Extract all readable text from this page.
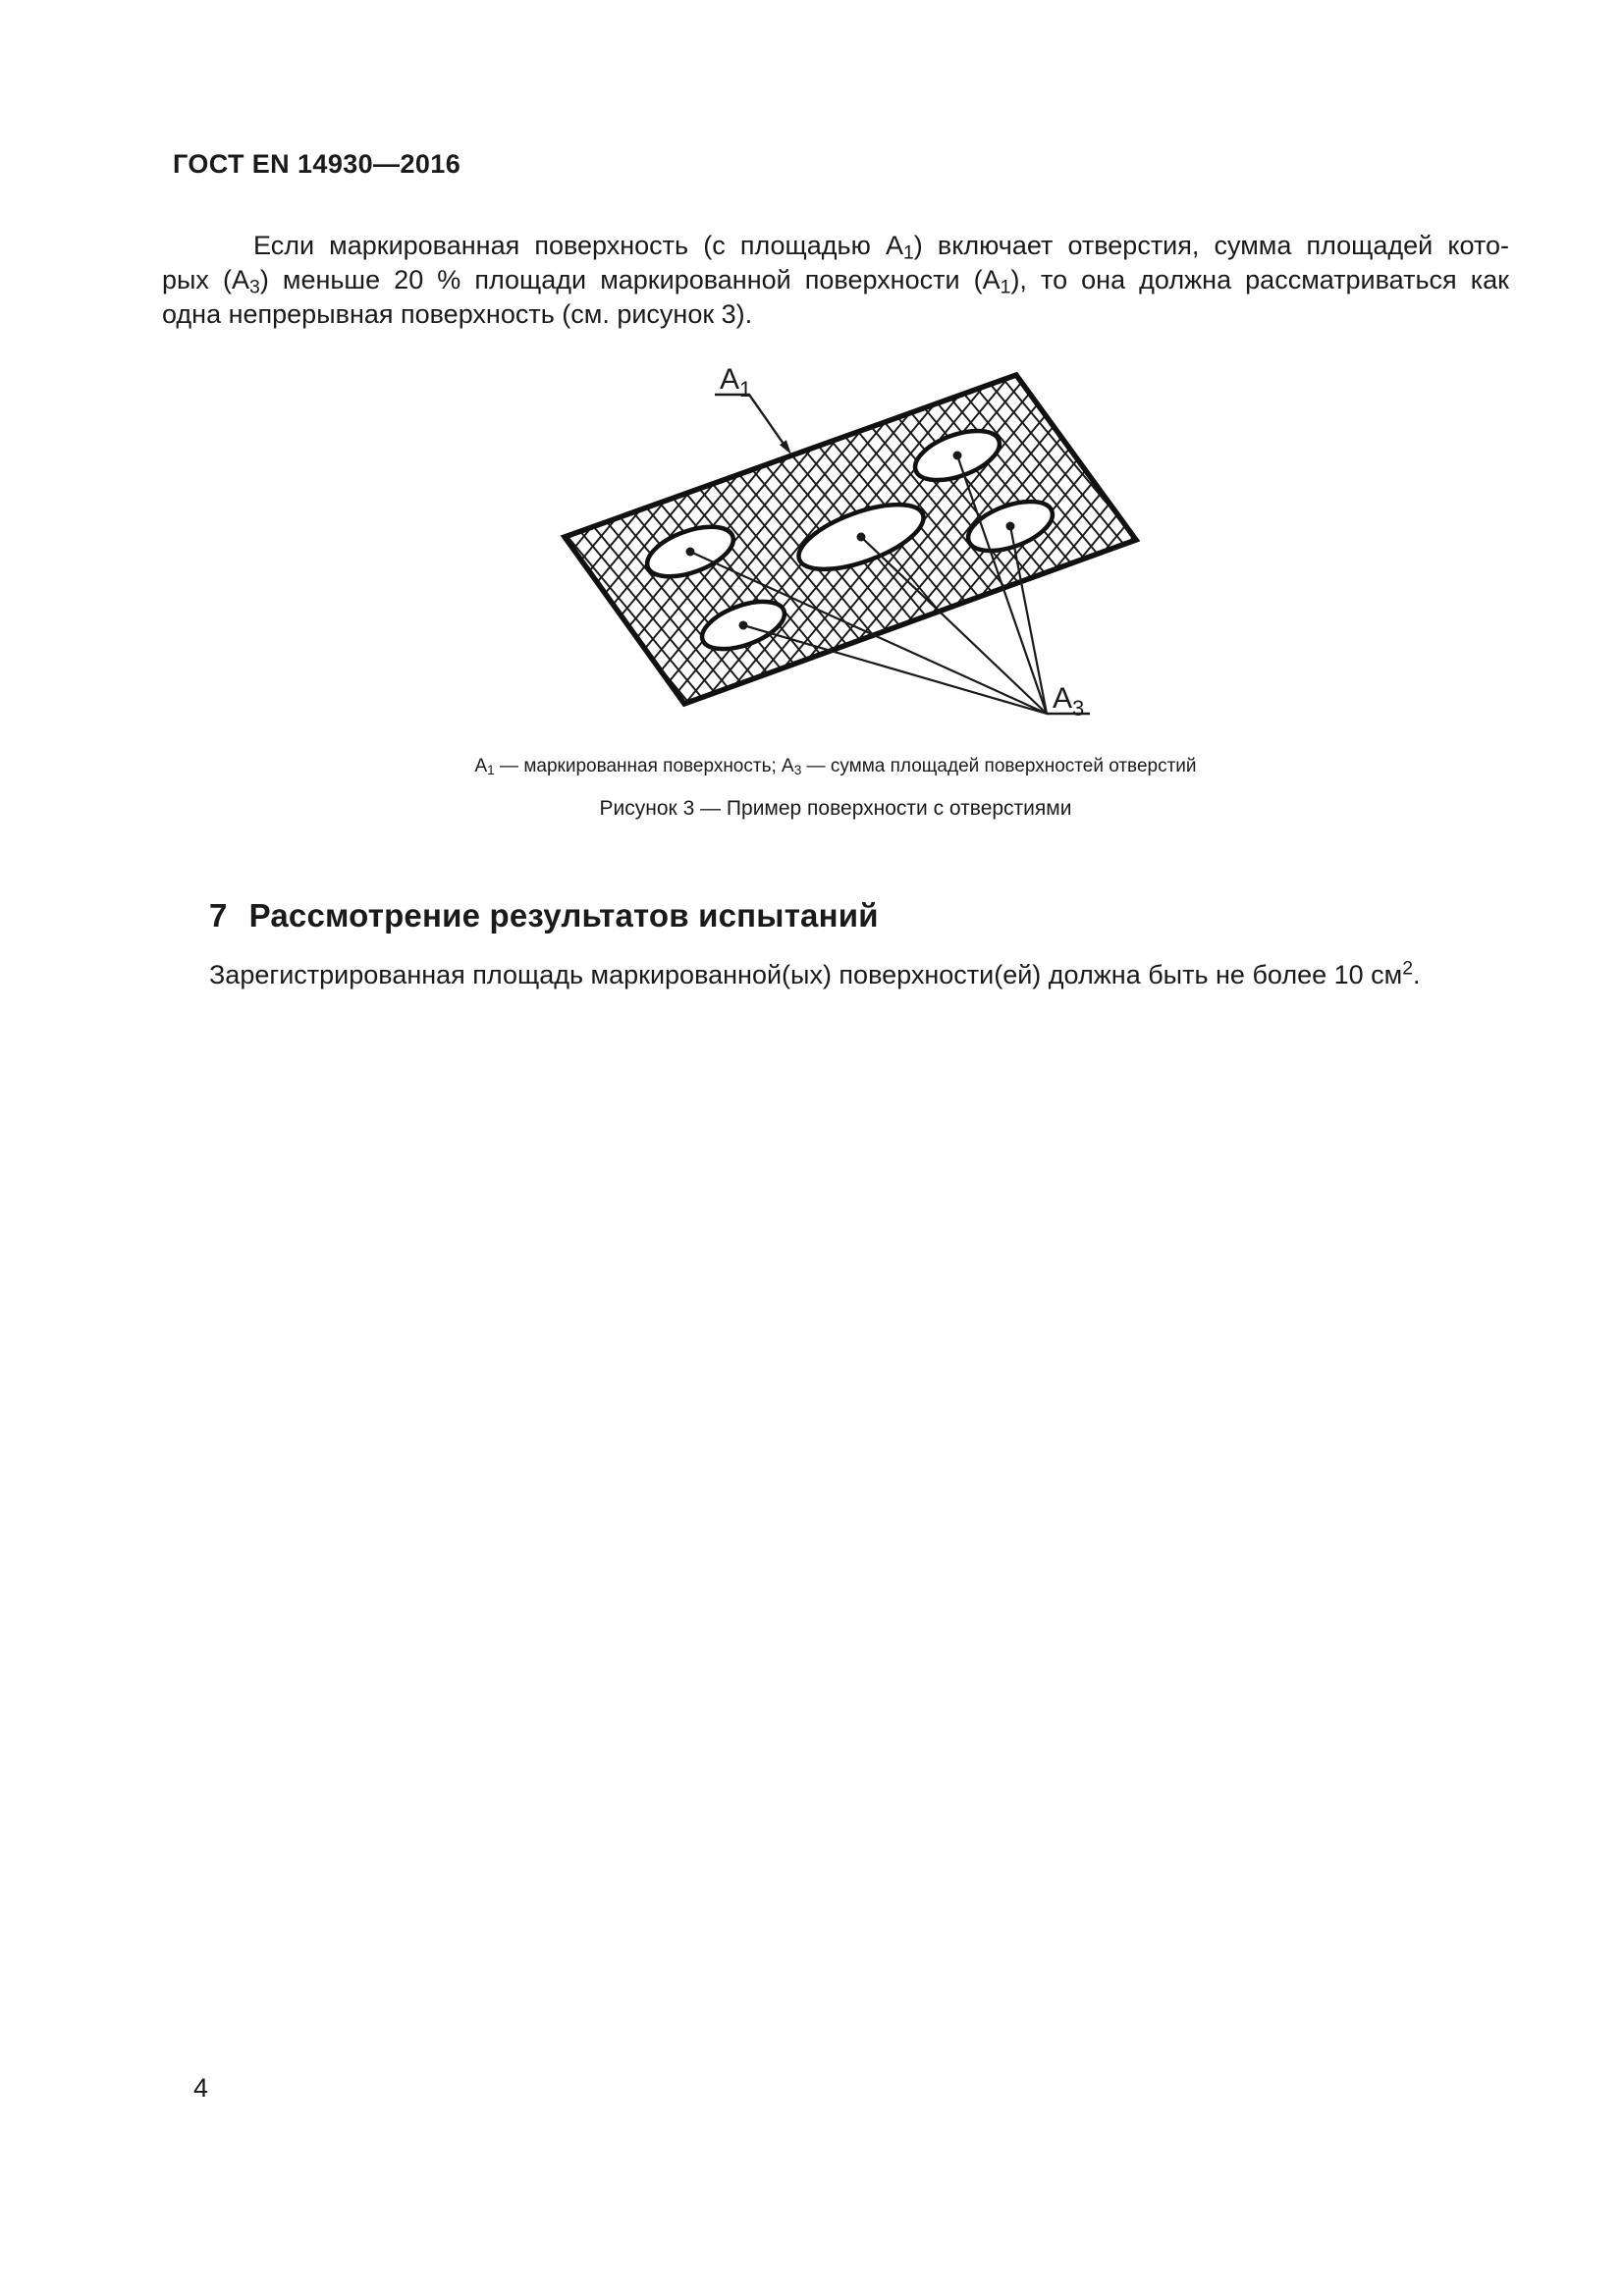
ГОСТ EN 14930—2016
Если маркированная поверхность (с площадью $A_1$) включает отверстия, сумма площадей кото-
рых $(A_3)$ меньше 20 % площади маркированной поверхности $(A_1)$, то она должна рассматриваться как
одна непрерывная поверхность (см. рисунок 3).
$A_1$
$A_3$
$A_1$ — маркированная поверхность; $A_3$ — сумма площадей поверхностей отверстий
Рисунок 3 — Пример поверхности с отверстиями
7 Рассмотрение результатов испытаний
Зарегистрированная площадь маркированной(ых) поверхности(ей) должна быть не более 10 $см^2$.
4
